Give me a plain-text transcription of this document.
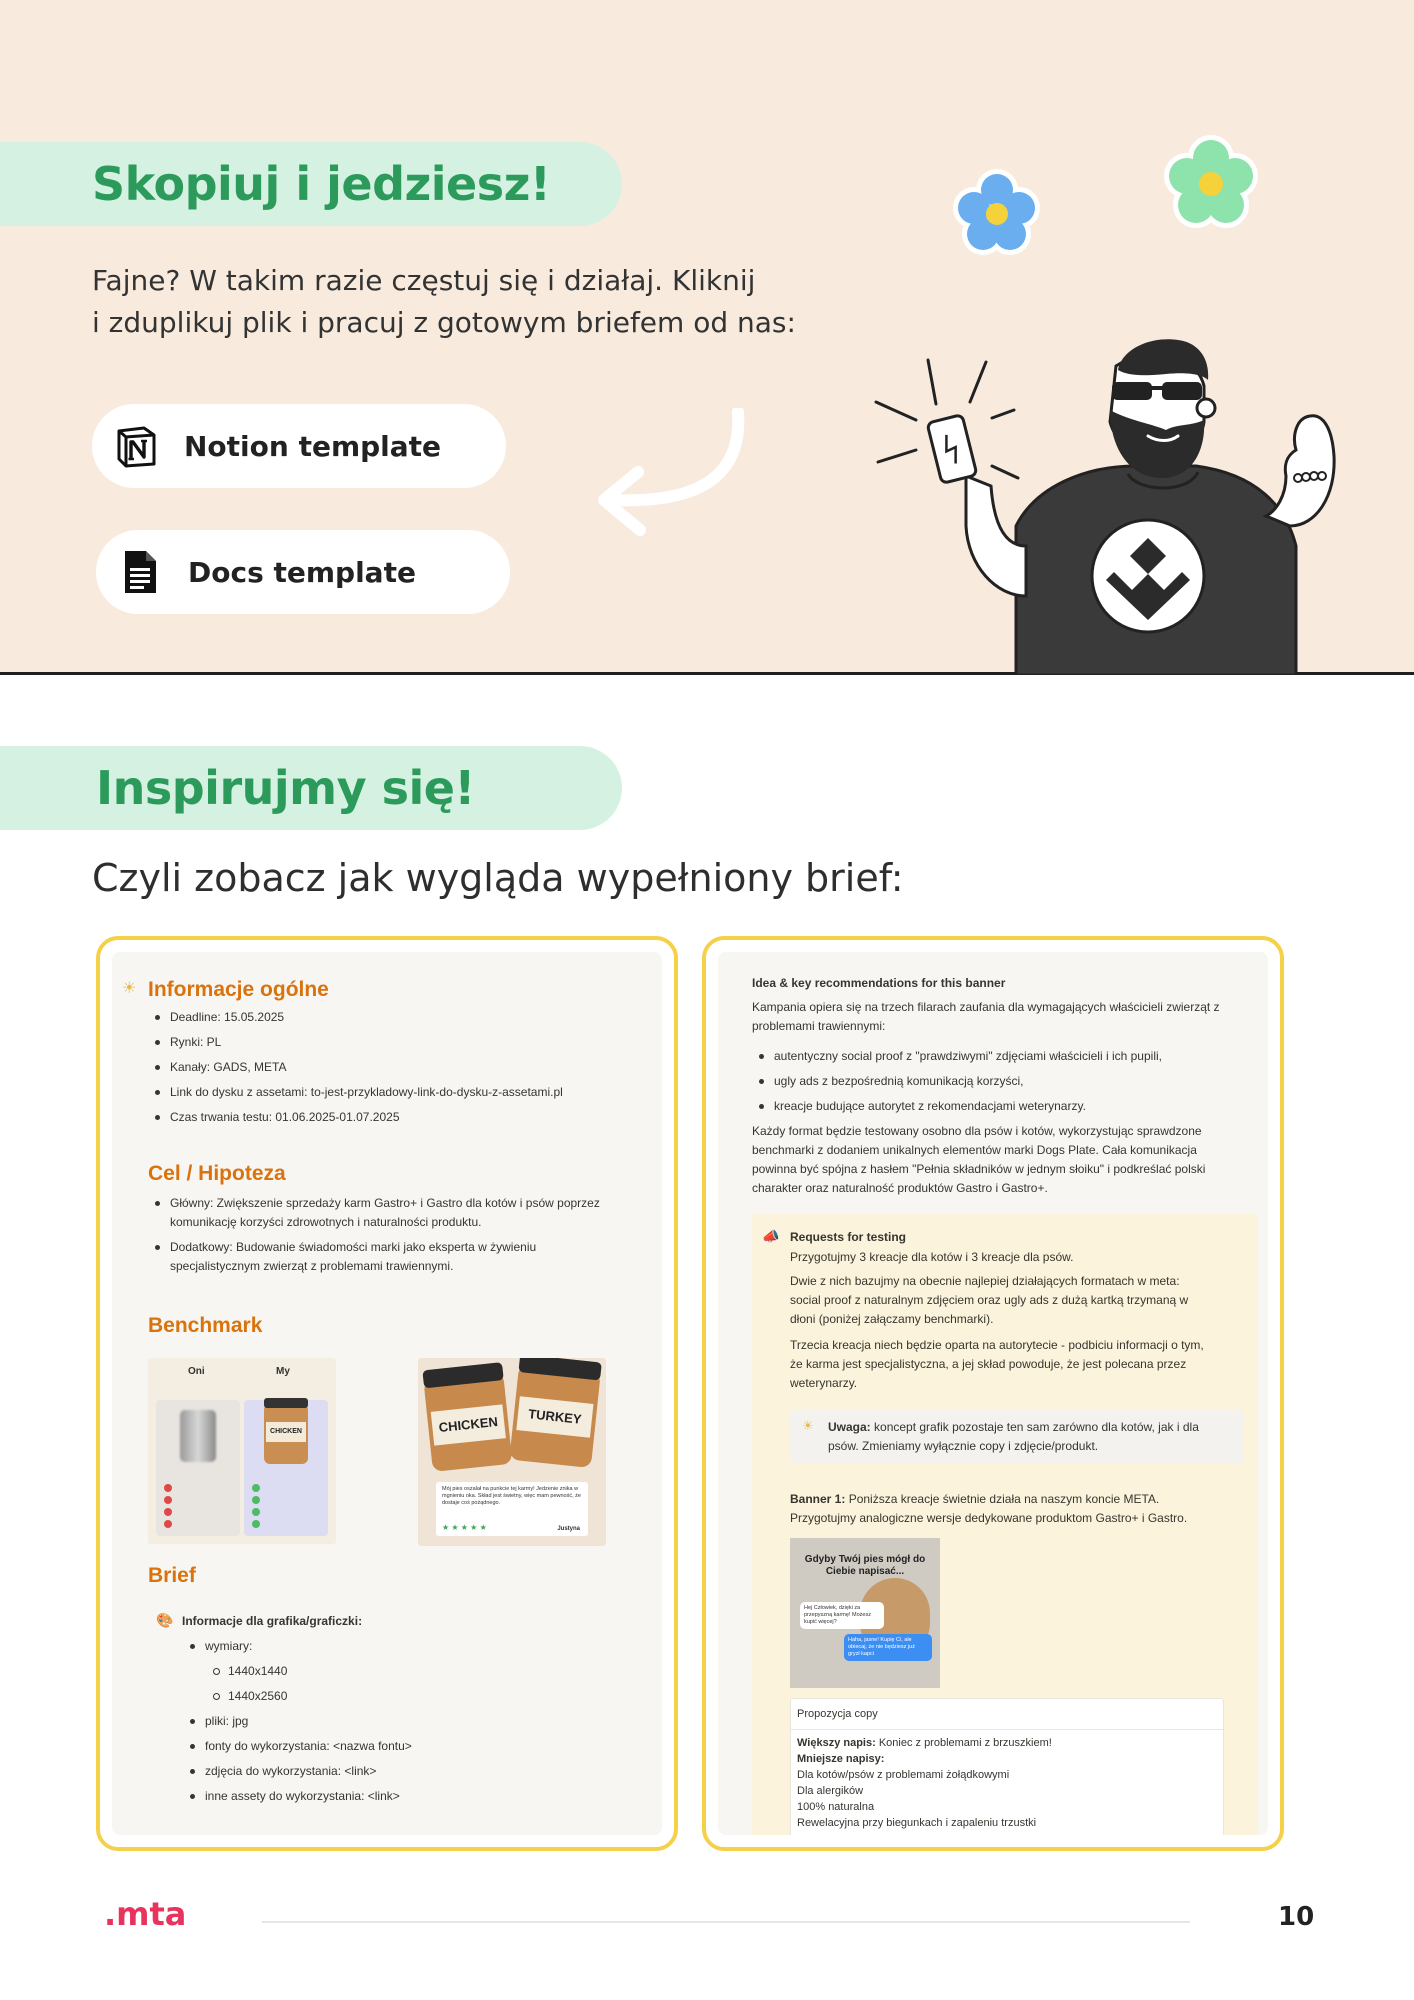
Skopiuj i jedziesz!
Fajne? W takim razie częstuj się i działaj. Kliknij
i zduplikuj plik i pracuj z gotowym briefem od nas:
Notion template
Docs template
Inspirujmy się!
Czyli zobacz jak wygląda wypełniony brief:
☀ Informacje ogólne
Deadline: 15.05.2025
Rynki: PL
Kanały: GADS, META
Link do dysku z assetami: to-jest-przykladowy-link-do-dysku-z-assetami.pl
Czas trwania testu: 01.06.2025-01.07.2025
Cel / Hipoteza
Główny: Zwiększenie sprzedaży karm Gastro+ i Gastro dla kotów i psów poprzez
komunikację korzyści zdrowotnych i naturalności produktu.
Dodatkowy: Budowanie świadomości marki jako eksperta w żywieniu
specjalistycznym zwierząt z problemami trawiennymi.
Benchmark
Oni	My
CHICKEN	CHICKEN	TURKEY
Mój pies oszalał na punkcie tej karmy! Jedzenie znika w mgnieniu oka. Skład jest świetny, więc mam pewność, że dostaje coś pożądnego.
★ ★ ★ ★ ★	Justyna
Brief
🎨 Informacje dla grafika/graficzki:
wymiary:
1440x1440
1440x2560
pliki: jpg
fonty do wykorzystania: <nazwa fontu>
zdjęcia do wykorzystania: <link>
inne assety do wykorzystania: <link>
Idea & key recommendations for this banner
Kampania opiera się na trzech filarach zaufania dla wymagających właścicieli zwierząt z
problemami trawiennymi:
autentyczny social proof z "prawdziwymi" zdjęciami właścicieli i ich pupili,
ugly ads z bezpośrednią komunikacją korzyści,
kreacje budujące autorytet z rekomendacjami weterynarzy.
Każdy format będzie testowany osobno dla psów i kotów, wykorzystując sprawdzone
benchmarki z dodaniem unikalnych elementów marki Dogs Plate. Cała komunikacja
powinna być spójna z hasłem "Pełnia składników w jednym słoiku" i podkreślać polski
charakter oraz naturalność produktów Gastro i Gastro+.
📣 Requests for testing
Przygotujmy 3 kreacje dla kotów i 3 kreacje dla psów.
Dwie z nich bazujmy na obecnie najlepiej działających formatach w meta:
social proof z naturalnym zdjęciem oraz ugly ads z dużą kartką trzymaną w
dłoni (poniżej załączamy benchmarki).
Trzecia kreacja niech będzie oparta na autorytecie - podbiciu informacji o tym,
że karma jest specjalistyczna, a jej skład powoduje, że jest polecana przez
weterynarzy.
☀ Uwaga: koncept grafik pozostaje ten sam zarówno dla kotów, jak i dla
psów. Zmieniamy wyłącznie copy i zdjęcie/produkt.
Banner 1: Poniższa kreacje świetnie działa na naszym koncie META.
Przygotujmy analogiczne wersje dedykowane produktom Gastro+ i Gastro.
Gdyby Twój pies mógł do Ciebie napisać...
Hej Człowiek, dzięki za przepyszną karmę! Możesz kupić więcej?
Haha, jasne! Kupię Ci, ale obiecaj, że nie będziesz już gryzł kapci
Propozycja copy
Większy napis: Koniec z problemami z brzuszkiem!
Mniejsze napisy:
Dla kotów/psów z problemami żołądkowymi
Dla alergików
100% naturalna
Rewelacyjna przy biegunkach i zapaleniu trzustki
.mta	10
